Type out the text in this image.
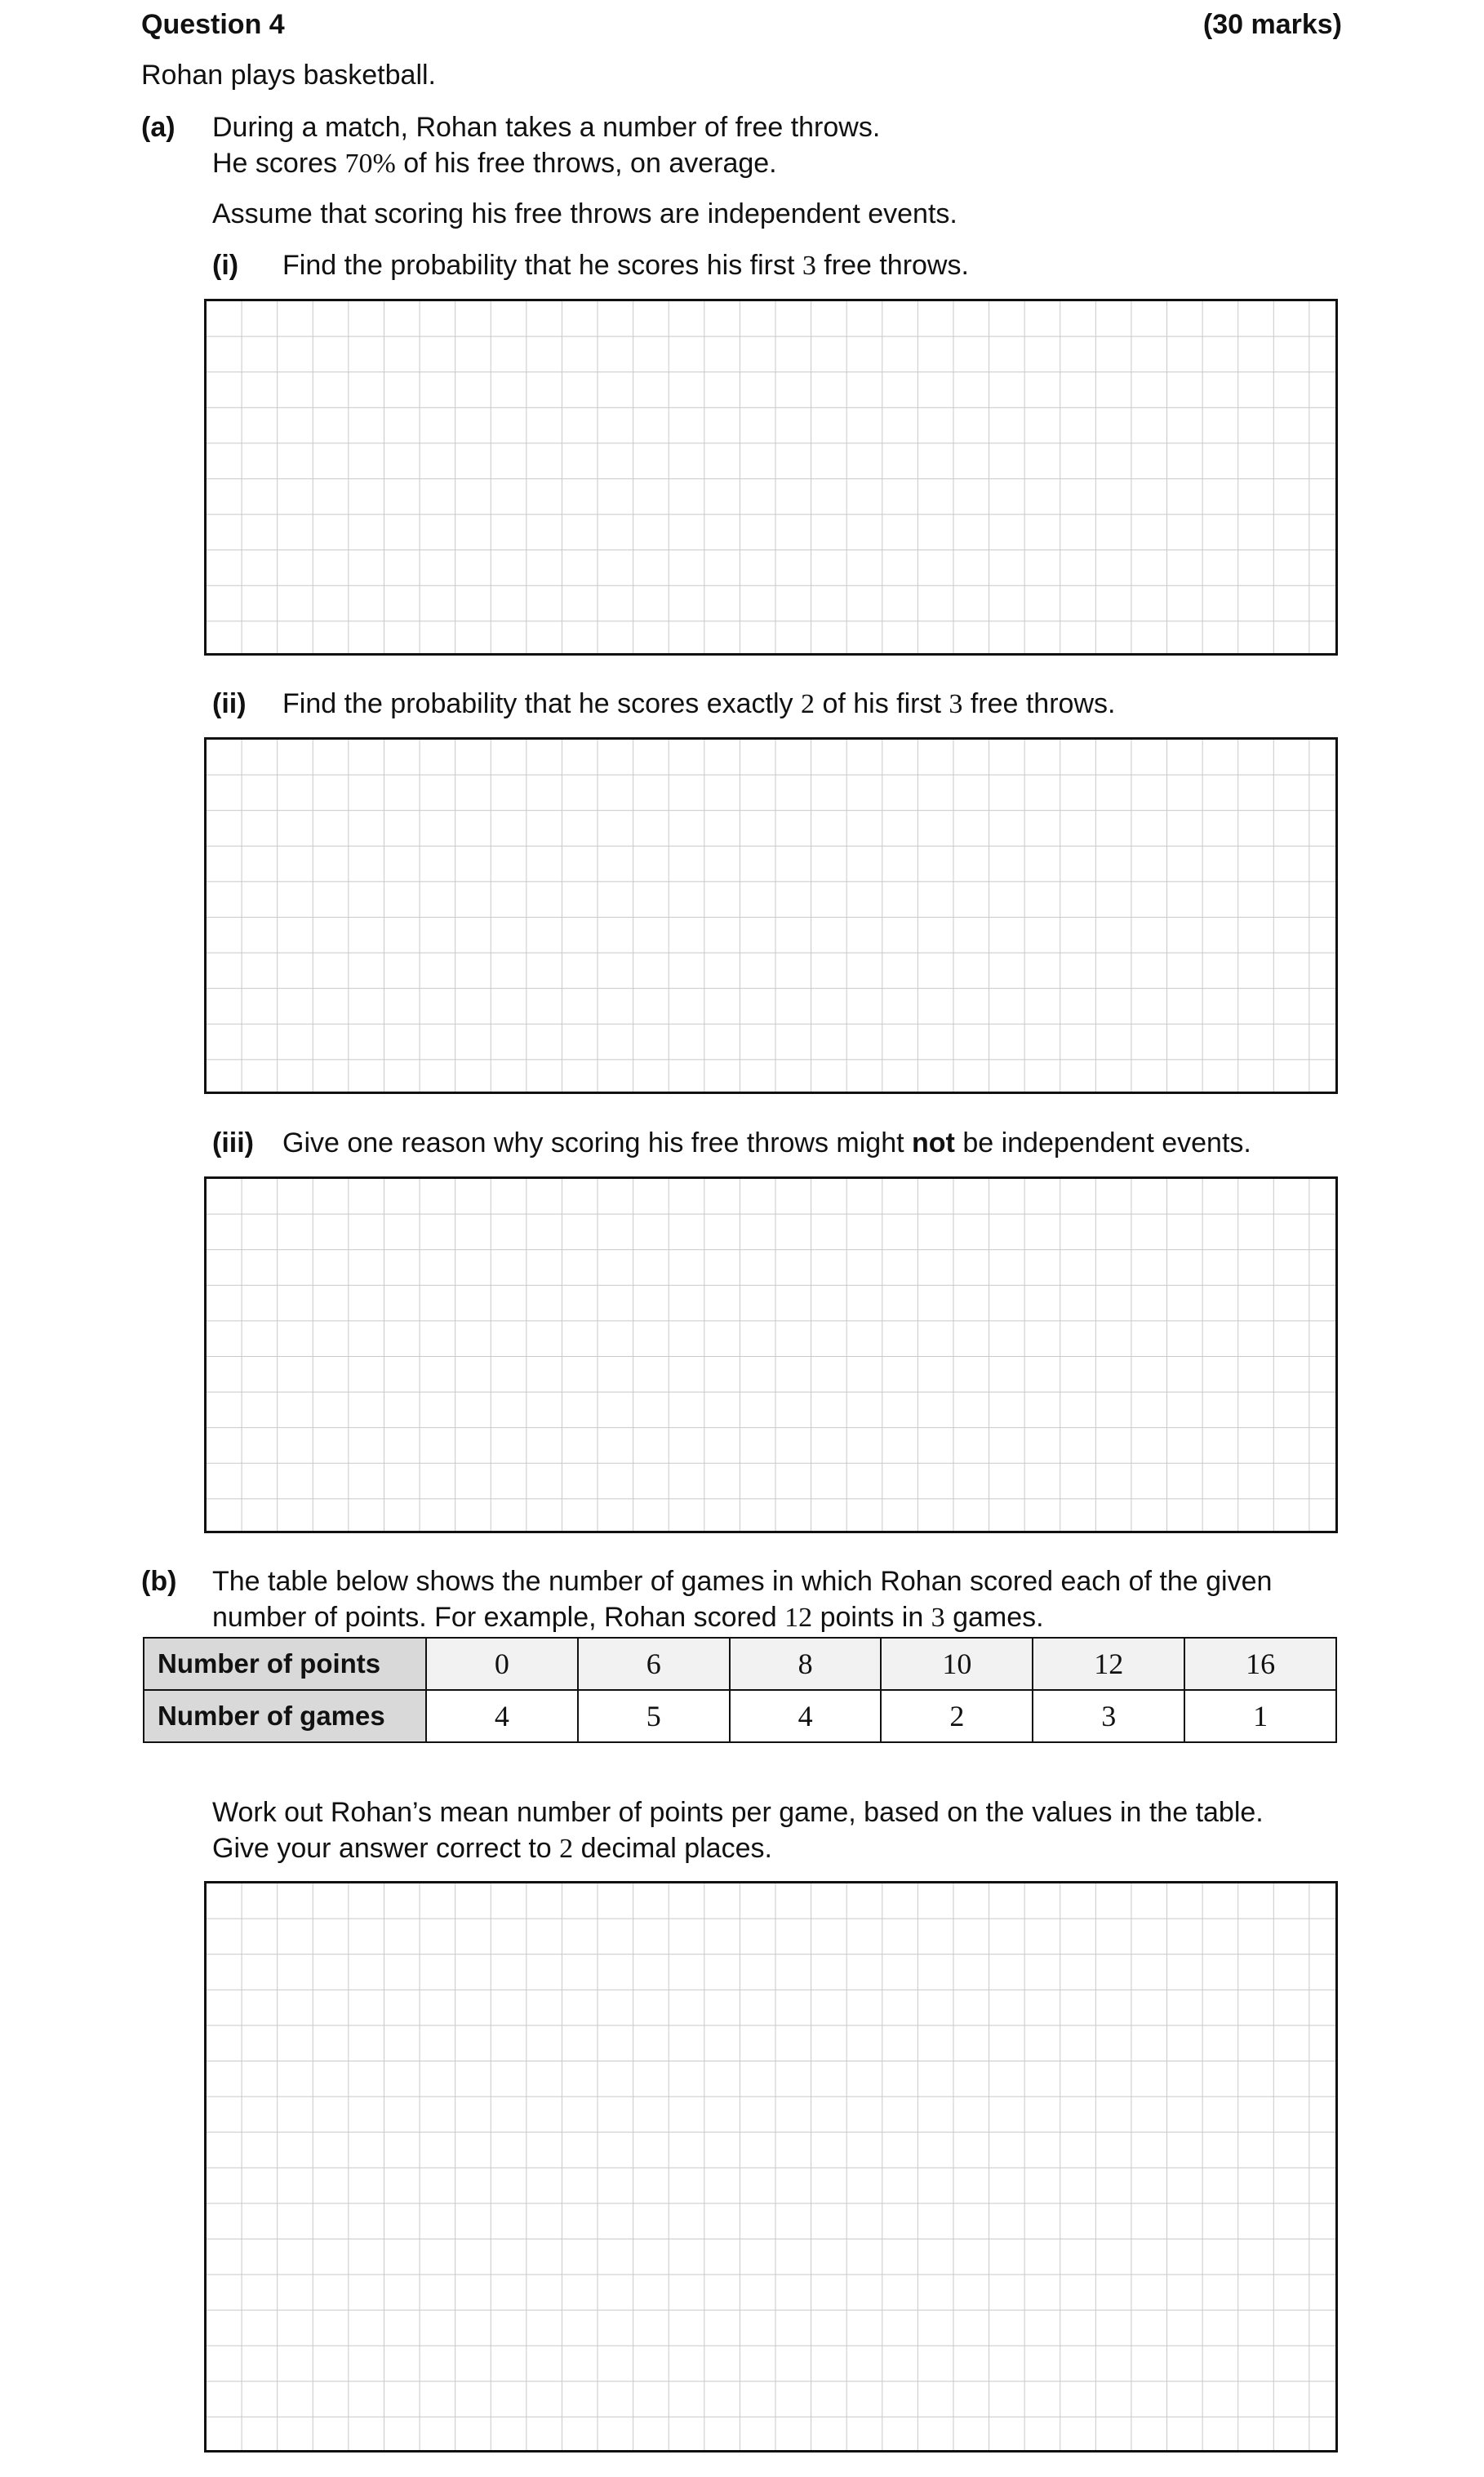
Question 4	(30 marks)
Rohan plays basketball.
(a) During a match, Rohan takes a number of free throws.
He scores 70% of his free throws, on average.
Assume that scoring his free throws are independent events.
(i) Find the probability that he scores his first 3 free throws.
(ii) Find the probability that he scores exactly 2 of his first 3 free throws.
(iii) Give one reason why scoring his free throws might not be independent events.
(b) The table below shows the number of games in which Rohan scored each of the given
number of points. For example, Rohan scored 12 points in 3 games.
Number of points	0	6	8	10	12	16
Number of games	4	5	4	2	3	1
Work out Rohan’s mean number of points per game, based on the values in the table.
Give your answer correct to 2 decimal places.
